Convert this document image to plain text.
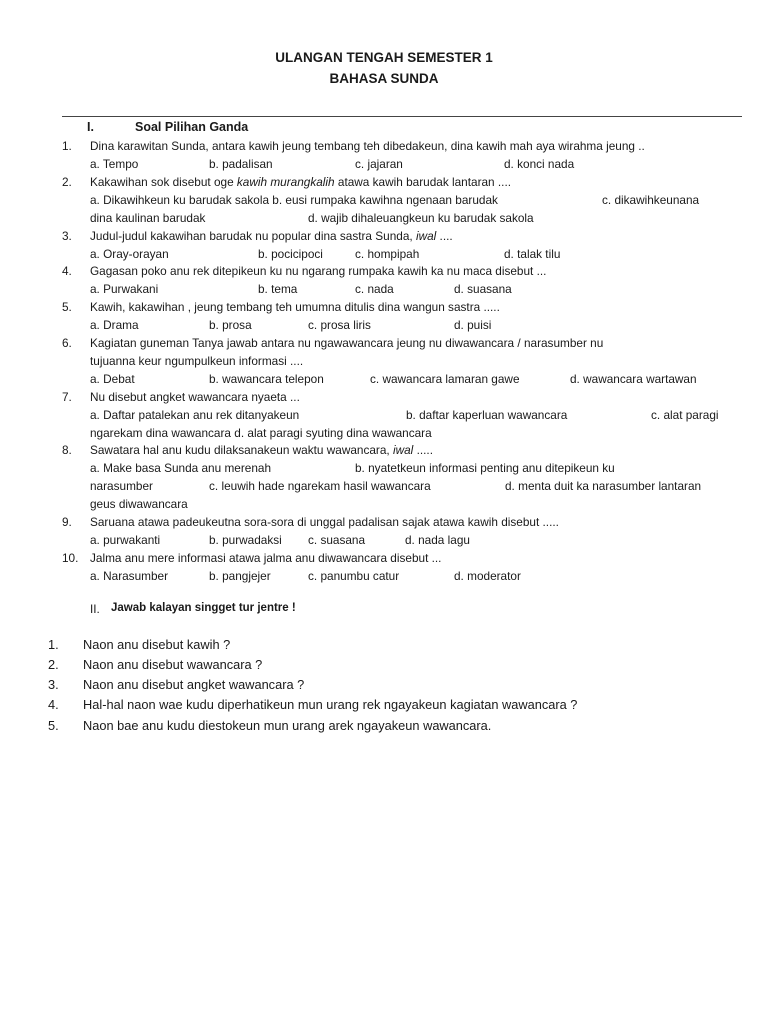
ULANGAN TENGAH SEMESTER 1
BAHASA SUNDA
I.	Soal Pilihan Ganda
1. Dina karawitan Sunda, antara kawih jeung tembang teh dibedakeun, dina kawih mah aya wirahma jeung ..
a. Tempo	b. padalisan	c. jajaran	d. konci nada
2. Kakawihan sok disebut oge kawih murangkalih atawa kawih barudak lantaran ....
a. Dikawihkeun ku barudak sakola b. eusi rumpaka kawihna ngenaan barudak	c. dikawihkeunana
dina kaulinan barudak	d. wajib dihaleuangkeun ku barudak sakola
3. Judul-judul kakawihan barudak nu popular dina sastra Sunda, iwal ....
a. Oray-orayan	b. pocicipoci	c. hompipah	d. talak tilu
4. Gagasan poko anu rek ditepikeun ku nu ngarang rumpaka kawih ka nu maca disebut ...
a. Purwakani	b. tema	c. nada	d. suasana
5. Kawih, kakawihan , jeung tembang teh umumna ditulis dina wangun sastra .....
a. Drama	b. prosa	c. prosa liris	d. puisi
6. Kagiatan guneman Tanya jawab antara nu ngawawancara jeung nu diwawancara / narasumber nu
tujuanna keur ngumpulkeun informasi ....
a. Debat	b. wawancara telepon	c. wawancara lamaran gawe	d. wawancara wartawan
7. Nu disebut angket wawancara nyaeta ...
a. Daftar patalekan anu rek ditanyakeun	b. daftar kaperluan wawancara	c. alat paragi
ngarekam dina wawancara d. alat paragi syuting dina wawancara
8. Sawatara hal anu kudu dilaksanakeun waktu wawancara, iwal .....
a. Make basa Sunda anu merenah	b. nyatetkeun informasi penting anu ditepikeun ku
narasumber	c. leuwih hade ngarekam hasil wawancara	d. menta duit ka narasumber lantaran
geus diwawancara
9. Saruana atawa padeukeutna sora-sora di unggal padalisan sajak atawa kawih disebut .....
a. purwakanti	b. purwadaksi c. suasana	d. nada lagu
10. Jalma anu mere informasi atawa jalma anu diwawancara disebut ...
a. Narasumber	b. pangjejer	c. panumbu catur	d. moderator
II. Jawab kalayan singget tur jentre !
1. Naon anu disebut kawih ?
2. Naon anu disebut wawancara ?
3. Naon anu disebut angket wawancara ?
4. Hal-hal naon wae kudu diperhatikeun mun urang rek ngayakeun kagiatan wawancara ?
5. Naon bae anu kudu diestokeun mun urang arek ngayakeun wawancara.
